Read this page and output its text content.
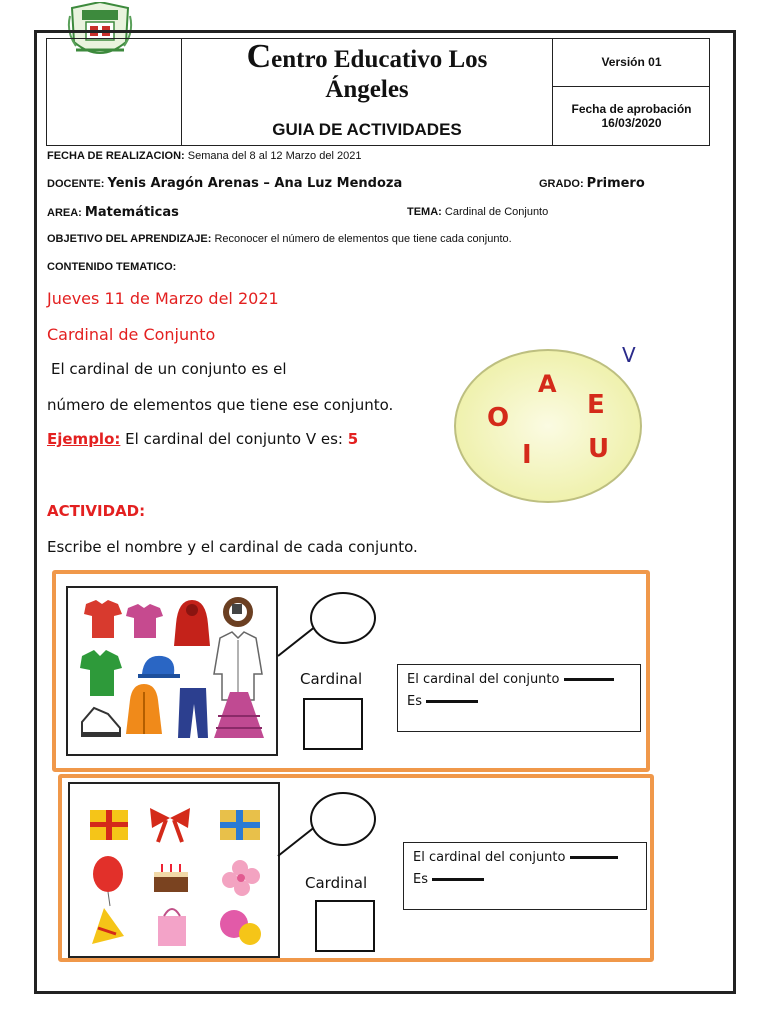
Centro Educativo Los
Ángeles
GUIA DE ACTIVIDADES
Versión 01
Fecha de aprobación
16/03/2020
FECHA DE REALIZACION: Semana del 8 al 12 Marzo del 2021
DOCENTE: Yenis Aragón Arenas – Ana Luz Mendoza	GRADO: Primero
AREA: Matemáticas	TEMA: Cardinal de Conjunto
OBJETIVO DEL APRENDIZAJE: Reconocer el número de elementos que tiene cada conjunto.
CONTENIDO TEMATICO:
Jueves 11 de Marzo del 2021
Cardinal de Conjunto
El cardinal de un conjunto es el
número de elementos que tiene ese conjunto.
Ejemplo: El cardinal del conjunto V es: 5
V
A
E
O
I U
ACTIVIDAD:
Escribe el nombre y el cardinal de cada conjunto.
Cardinal	El cardinal del conjunto
Es
Cardinal
El cardinal del conjunto
Es
